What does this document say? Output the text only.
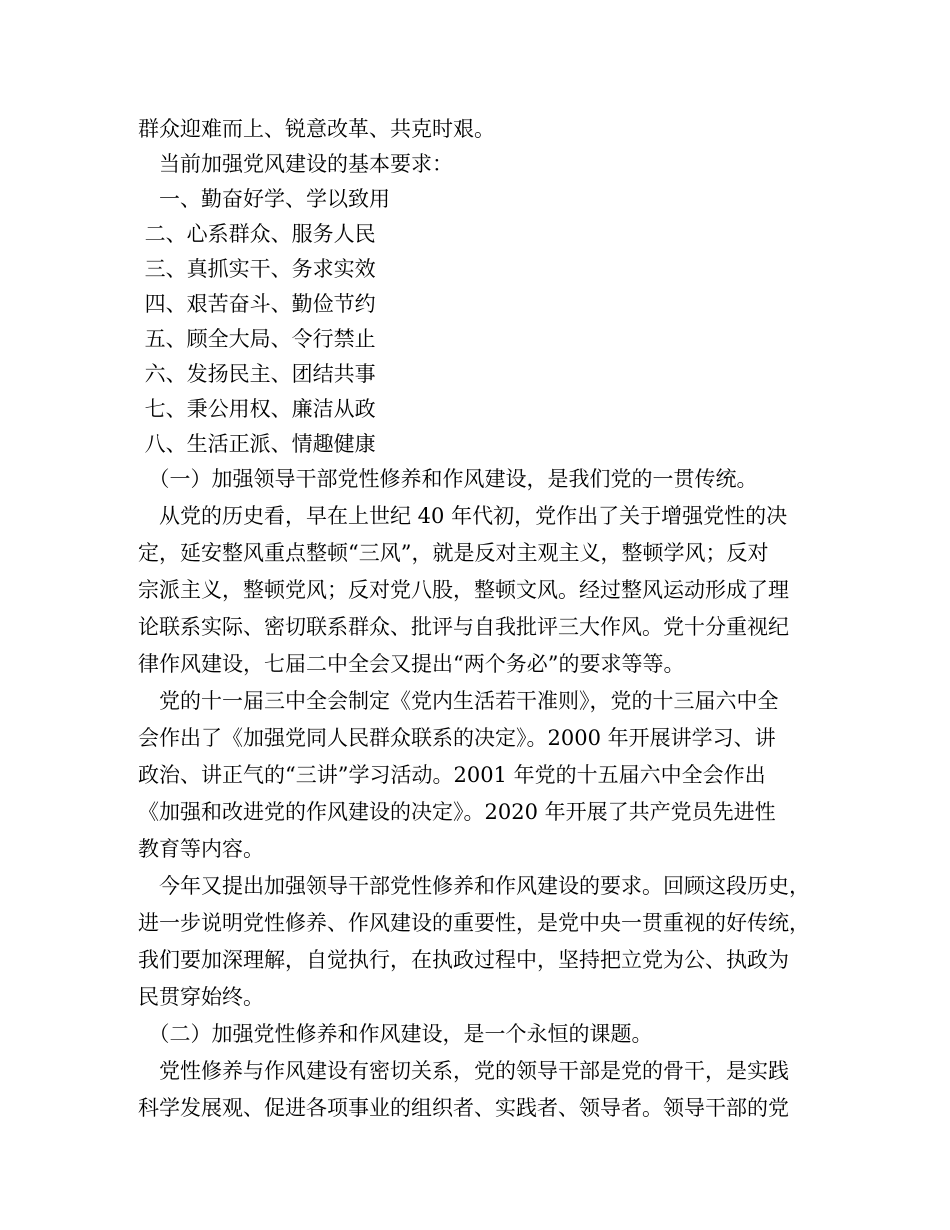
群众迎难而上、锐意改革、共克时艰。
　当前加强党风建设的基本要求：
　一、勤奋好学、学以致用
二、心系群众、服务人民
三、真抓实干、务求实效
四、艰苦奋斗、勤俭节约
五、顾全大局、令行禁止
六、发扬民主、团结共事
七、秉公用权、廉洁从政
八、生活正派、情趣健康
　（一）加强领导干部党性修养和作风建设，是我们党的一贯传统。
　从党的历史看，早在上世纪 40 年代初，党作出了关于增强党性的决
定，延安整风重点整顿“三风”，就是反对主观主义，整顿学风；反对
宗派主义，整顿党风；反对党八股，整顿文风。经过整风运动形成了理
论联系实际、密切联系群众、批评与自我批评三大作风。党十分重视纪
律作风建设，七届二中全会又提出“两个务必”的要求等等。
　党的十一届三中全会制定《党内生活若干准则》，党的十三届六中全
会作出了《加强党同人民群众联系的决定》。2000 年开展讲学习、讲
政治、讲正气的“三讲”学习活动。2001 年党的十五届六中全会作出
《加强和改进党的作风建设的决定》。2020 年开展了共产党员先进性
教育等内容。
　今年又提出加强领导干部党性修养和作风建设的要求。回顾这段历史，
进一步说明党性修养、作风建设的重要性，是党中央一贯重视的好传统，
我们要加深理解，自觉执行，在执政过程中，坚持把立党为公、执政为
民贯穿始终。
　（二）加强党性修养和作风建设，是一个永恒的课题。
　党性修养与作风建设有密切关系，党的领导干部是党的骨干，是实践
科学发展观、促进各项事业的组织者、实践者、领导者。领导干部的党
